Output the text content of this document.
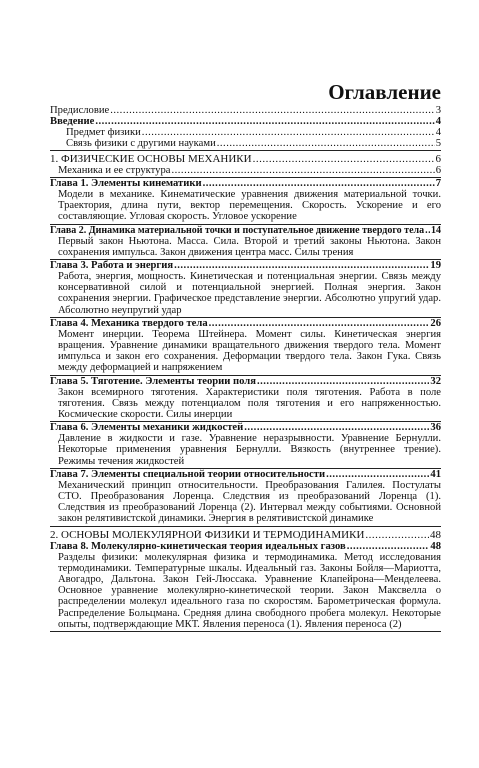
Оглавление
Предисловие .....	3
Введение .....	4
Предмет физики .....	4
Связь физики с другими науками .....	5
1. ФИЗИЧЕСКИЕ ОСНОВЫ МЕХАНИКИ .....	6
Механика и ее структура .....	6
Глава 1. Элементы кинематики .....	7

Модели в механике. Кинематические уравнения движения материальной точки. Траектория, длина пути, вектор перемещения. Скорость. Ускорение и его составляющие. Угловая скорость. Угловое ускорение

Глава 2. Динамика материальной точки и поступательное движение твердого тела ..... 14

Первый закон Ньютона. Масса. Сила. Второй и третий законы Ньютона. Закон сохранения импульса. Закон движения центра масс. Силы трения

Глава 3. Работа и энергия .....	19

Работа, энергия, мощность. Кинетическая и потенциальная энергии. Связь между консервативной силой и потенциальной энергией. Полная энергия. Закон сохранения энергии. Графическое представление энергии. Абсолютно упругий удар. Абсолютно неупругий удар

Глава 4. Механика твердого тела .....	26

Момент инерции. Теорема Штейнера. Момент силы. Кинетическая энергия вращения. Уравнение динамики вращательного движения твердого тела. Момент импульса и закон его сохранения. Деформации твердого тела. Закон Гука. Связь между деформацией и напряжением

Глава 5. Тяготение. Элементы теории поля .....	32

Закон всемирного тяготения. Характеристики поля тяготения. Работа в поле тяготения. Связь между потенциалом поля тяготения и его напряженностью. Космические скорости. Силы инерции

Глава 6. Элементы механики жидкостей .....	36

Давление в жидкости и газе. Уравнение неразрывности. Уравнение Бернулли. Некоторые применения уравнения Бернулли. Вязкость (внутреннее трение). Режимы течения жидкостей

Глава 7. Элементы специальной теории относительности .....	41

Механический принцип относительности. Преобразования Галилея. Постулаты СТО. Преобразования Лоренца. Следствия из преобразований Лоренца (1). Следствия из преобразований Лоренца (2). Интервал между событиями. Основной закон релятивистской динамики. Энергия в релятивистской динамике

2. ОСНОВЫ МОЛЕКУЛЯРНОЙ ФИЗИКИ И ТЕРМОДИНАМИКИ .....	48
Глава 8. Молекулярно-кинетическая теория идеальных газов .....	48

Разделы физики: молекулярная физика и термодинамика. Метод исследования термодинамики. Температурные шкалы. Идеальный газ. Законы Бойля—Мариотта, Авогадро, Дальтона. Закон Гей-Люссака. Уравнение Клапейрона—Менделеева. Основное уравнение молекулярно-кинетической теории. Закон Максвелла о распределении молекул идеального газа по скоростям. Барометрическая формула. Распределение Больцмана. Средняя длина свободного пробега молекул. Некоторые опыты, подтверждающие МКТ. Явления переноса (1). Явления переноса (2)
